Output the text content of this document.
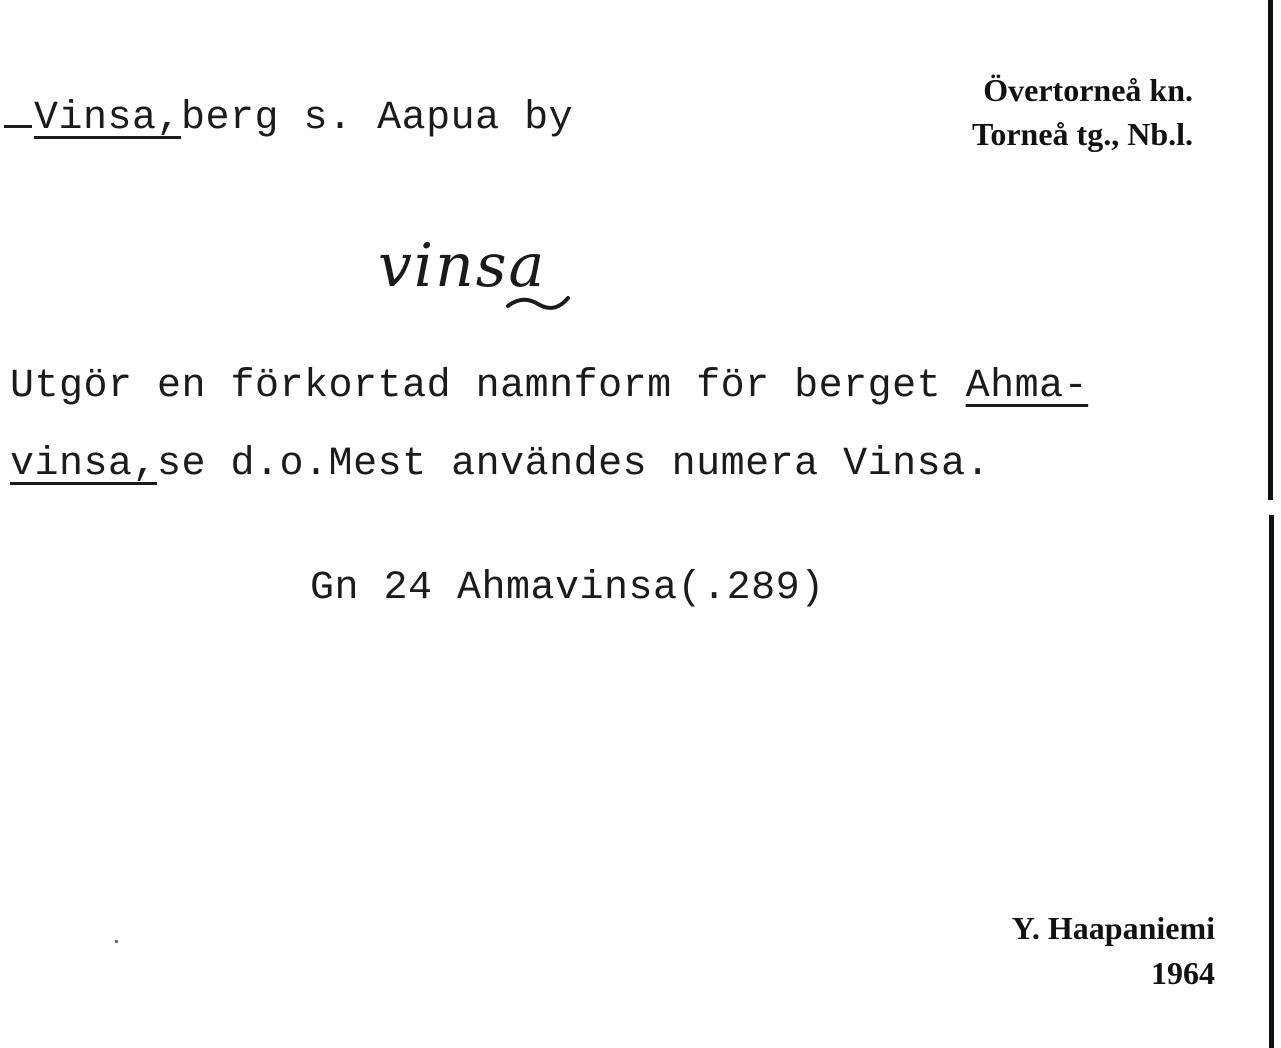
Vinsa,berg s. Aapua by
Övertorneå kn.
Torneå tg., Nb.l.
vinsa
Utgör en förkortad namnform för berget Ahma-
vinsa,se d.o.Mest användes numera Vinsa.
Gn 24 Ahmavinsa(.289)
Y. Haapaniemi
1964
